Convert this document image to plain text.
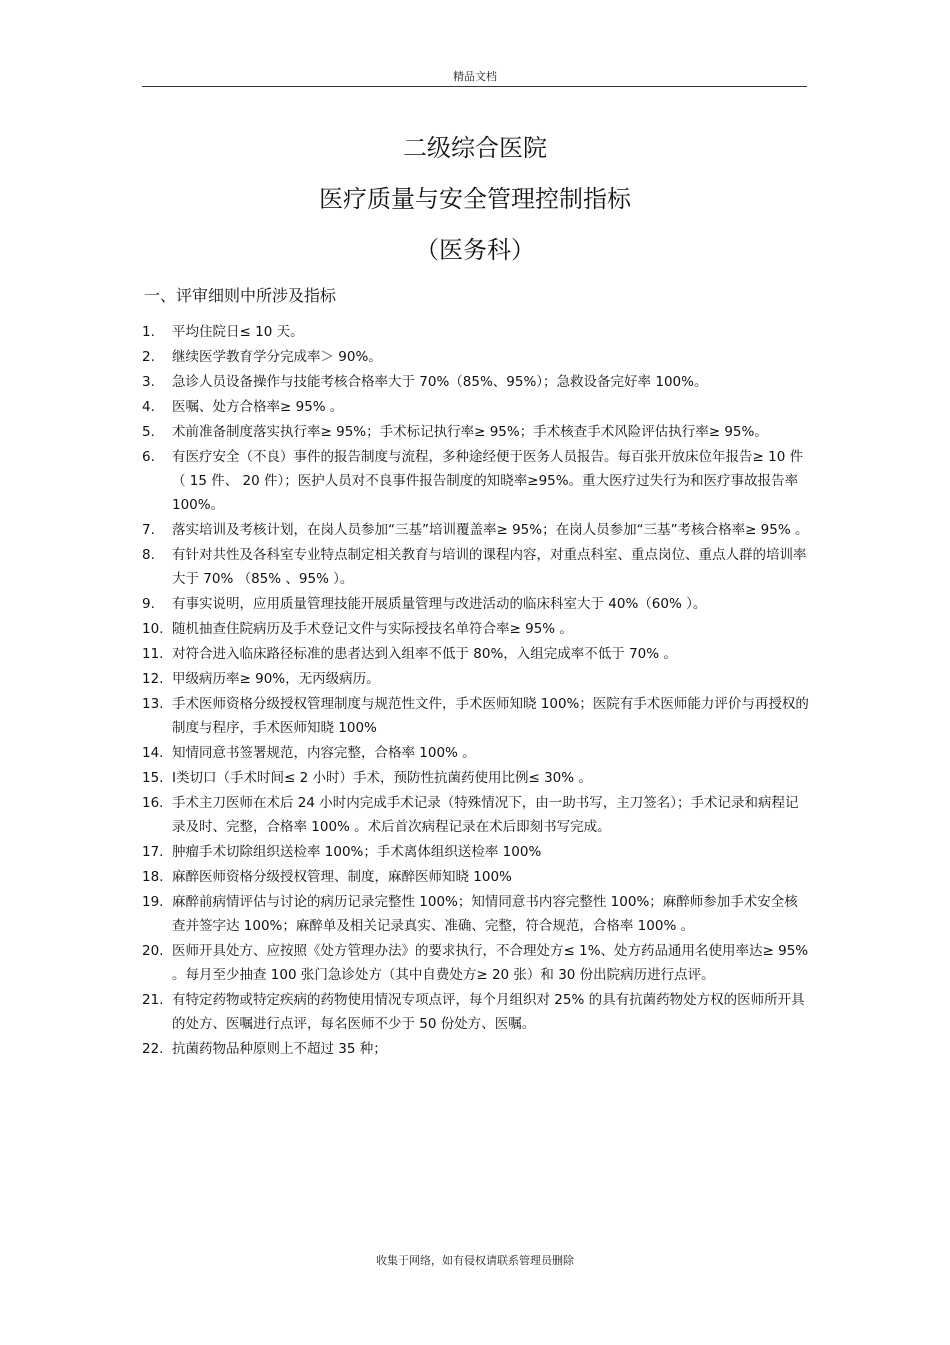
精品文档
二级综合医院
医疗质量与安全管理控制指标
（医务科）
一、评审细则中所涉及指标
1.	平均住院日≤ 10 天。
2.	继续医学教育学分完成率＞ 90%。
3.	急诊人员设备操作与技能考核合格率大于 70%（85%、95%）；急救设备完好率 100%。
4.	医嘱、处方合格率≥ 95% 。
5.	术前准备制度落实执行率≥ 95%；手术标记执行率≥ 95%；手术核查手术风险评估执行率≥ 95%。
6.	有医疗安全（不良）事件的报告制度与流程，多种途经便于医务人员报告。每百张开放床位年报告≥ 10 件（ 15 件、 20 件）；医护人员对不良事件报告制度的知晓率≥95%。重大医疗过失行为和医疗事故报告率 100%。
7.	落实培训及考核计划，在岗人员参加“三基”培训覆盖率≥ 95%；在岗人员参加“三基”考核合格率≥ 95% 。
8.	有针对共性及各科室专业特点制定相关教育与培训的课程内容，对重点科室、重点岗位、重点人群的培训率大于 70% （85% 、95% ）。
9.	有事实说明，应用质量管理技能开展质量管理与改进活动的临床科室大于 40%（60% ）。
10. 随机抽查住院病历及手术登记文件与实际授技名单符合率≥ 95% 。
11. 对符合进入临床路径标准的患者达到入组率不低于 80%，入组完成率不低于 70% 。
12. 甲级病历率≥ 90%，无丙级病历。
13. 手术医师资格分级授权管理制度与规范性文件，手术医师知晓 100%；医院有手术医师能力评价与再授权的制度与程序，手术医师知晓 100%
14. 知情同意书签署规范，内容完整，合格率 100% 。
15. Ⅰ类切口（手术时间≤ 2 小时）手术，预防性抗菌药使用比例≤ 30% 。
16. 手术主刀医师在术后 24 小时内完成手术记录（特殊情况下，由一助书写，主刀签名）；手术记录和病程记录及时、完整，合格率 100% 。术后首次病程记录在术后即刻书写完成。
17. 肿瘤手术切除组织送检率 100%；手术离体组织送检率 100%
18. 麻醉医师资格分级授权管理、制度，麻醉医师知晓 100%
19. 麻醉前病情评估与讨论的病历记录完整性 100%；知情同意书内容完整性 100%；麻醉师参加手术安全核查并签字达 100%；麻醉单及相关记录真实、准确、完整，符合规范，合格率 100% 。
20. 医师开具处方、应按照《处方管理办法》的要求执行，不合理处方≤ 1%、处方药品通用名使用率达≥ 95% 。每月至少抽查 100 张门急诊处方（其中自费处方≥ 20 张）和 30 份出院病历进行点评。
21. 有特定药物或特定疾病的药物使用情况专项点评，每个月组织对 25% 的具有抗菌药物处方权的医师所开具的处方、医嘱进行点评，每名医师不少于 50 份处方、医嘱。
22. 抗菌药物品种原则上不超过 35 种；
收集于网络，如有侵权请联系管理员删除
